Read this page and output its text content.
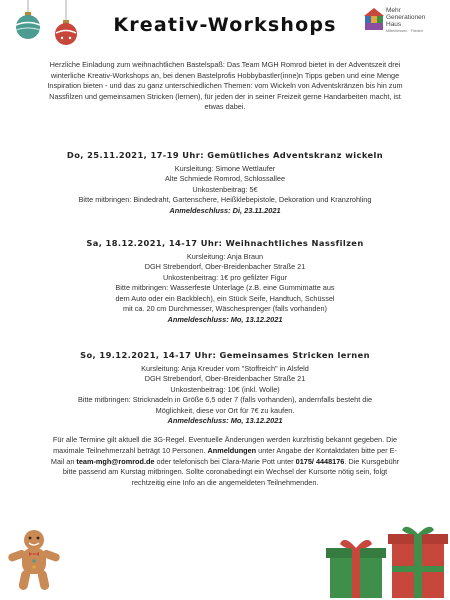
Mehr
Generationen
Haus
Mittelhessen · Flieden
Kreativ-Workshops
Herzliche Einladung zum weihnachtlichen Bastelspaß: Das Team MGH Romrod bietet in der Adventszeit drei winterliche Kreativ-Workshops an, bei denen Bastelprofis Hobbybastler(inne)n Tipps geben und eine Menge Inspiration bieten - und das zu ganz unterschiedlichen Themen: vom Wickeln von Adventskränzen bis hin zum Nassfilzen und gemeinsamen Stricken (lernen), für jeden der in seiner Freizeit gerne Handarbeiten macht, ist etwas dabei.
Do, 25.11.2021, 17-19 Uhr: Gemütliches Adventskranz wickeln
Kursleitung: Simone Wettlaufer
Alte Schmiede Romrod, Schlossallee
Unkostenbeitrag: 5€
Bitte mitbringen: Bindedraht, Gartenschere, Heißklebepistole, Dekoration und Kranzrohling
Anmeldeschluss: Di, 23.11.2021
Sa, 18.12.2021, 14-17 Uhr: Weihnachtliches Nassfilzen
Kursleitung: Anja Braun
DGH Strebendorf, Ober-Breidenbacher Straße 21
Unkostenbeitrag: 1€ pro gefilzter Figur
Bitte mitbringen: Wasserfeste Unterlage (z.B. eine Gummimatte aus
dem Auto oder ein Backblech), ein Stück Seife, Handtuch, Schüssel
mit ca. 20 cm Durchmesser, Wäschesprenger (falls vorhanden)
Anmeldeschluss: Mo, 13.12.2021
So, 19.12.2021, 14-17 Uhr: Gemeinsames Stricken lernen
Kursleitung: Anja Kreuder vom "Stoffreich" in Alsfeld
DGH Strebendorf, Ober-Breidenbacher Straße 21
Unkostenbeitrag: 10€ (inkl. Wolle)
Bitte mitbringen: Stricknadeln in Größe 6,5 oder 7 (falls vorhanden), andernfalls besteht die
Möglichkeit, diese vor Ort für 7€ zu kaufen.
Anmeldeschluss: Mo, 13.12.2021
Für alle Termine gilt aktuell die 3G-Regel. Eventuelle Änderungen werden kurzfristig bekannt gegeben. Die maximale Teilnehmerzahl beträgt 10 Personen. Anmeldungen unter Angabe der Kontaktdaten bitte per E-Mail an team-mgh@romrod.de oder telefonisch bei Clara-Marie Pott unter 0175/ 4448176. Die Kursgebühr bitte passend am Kurstag mitbringen. Sollte coronabedingt ein Wechsel der Kursorte nötig sein, folgt rechtzeitig eine Info an die angemeldeten Teilnehmenden.
